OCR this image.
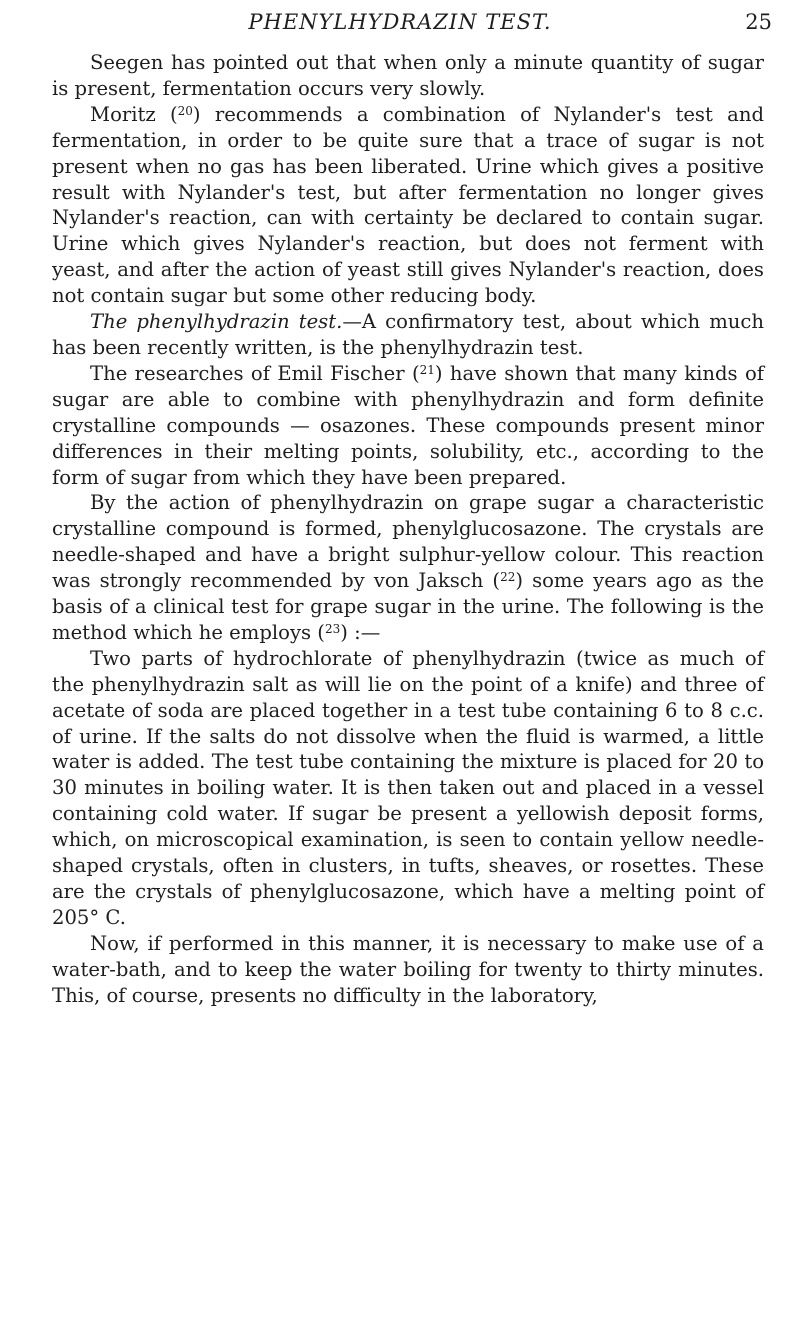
PHENYLHYDRAZIN TEST.	25

Seegen has pointed out that when only a minute quantity of sugar is present, fermentation occurs very slowly.

Moritz ($^{20}$) recommends a combination of Nylander's test and fermentation, in order to be quite sure that a trace of sugar is not present when no gas has been liberated. Urine which gives a positive result with Nylander's test, but after fermentation no longer gives Nylander's reaction, can with certainty be declared to contain sugar. Urine which gives Nylander's reaction, but does not ferment with yeast, and after the action of yeast still gives Nylander's reaction, does not contain sugar but some other reducing body.

The phenylhydrazin test.—A confirmatory test, about which much has been recently written, is the phenylhydrazin test.

The researches of Emil Fischer ($^{21}$) have shown that many kinds of sugar are able to combine with phenylhydrazin and form definite crystalline compounds — osazones. These compounds present minor differences in their melting points, solubility, etc., according to the form of sugar from which they have been prepared.

By the action of phenylhydrazin on grape sugar a characteristic crystalline compound is formed, phenylglucosazone. The crystals are needle-shaped and have a bright sulphur-yellow colour. This reaction was strongly recommended by von Jaksch ($^{22}$) some years ago as the basis of a clinical test for grape sugar in the urine. The following is the method which he employs ($^{23}$) :—

Two parts of hydrochlorate of phenylhydrazin (twice as much of the phenylhydrazin salt as will lie on the point of a knife) and three of acetate of soda are placed together in a test tube containing 6 to 8 c.c. of urine. If the salts do not dissolve when the fluid is warmed, a little water is added. The test tube containing the mixture is placed for 20 to 30 minutes in boiling water. It is then taken out and placed in a vessel containing cold water. If sugar be present a yellowish deposit forms, which, on microscopical examination, is seen to contain yellow needle-shaped crystals, often in clusters, in tufts, sheaves, or rosettes. These are the crystals of phenylglucosazone, which have a melting point of 205° C.

Now, if performed in this manner, it is necessary to make use of a water-bath, and to keep the water boiling for twenty to thirty minutes. This, of course, presents no difficulty in the laboratory,
